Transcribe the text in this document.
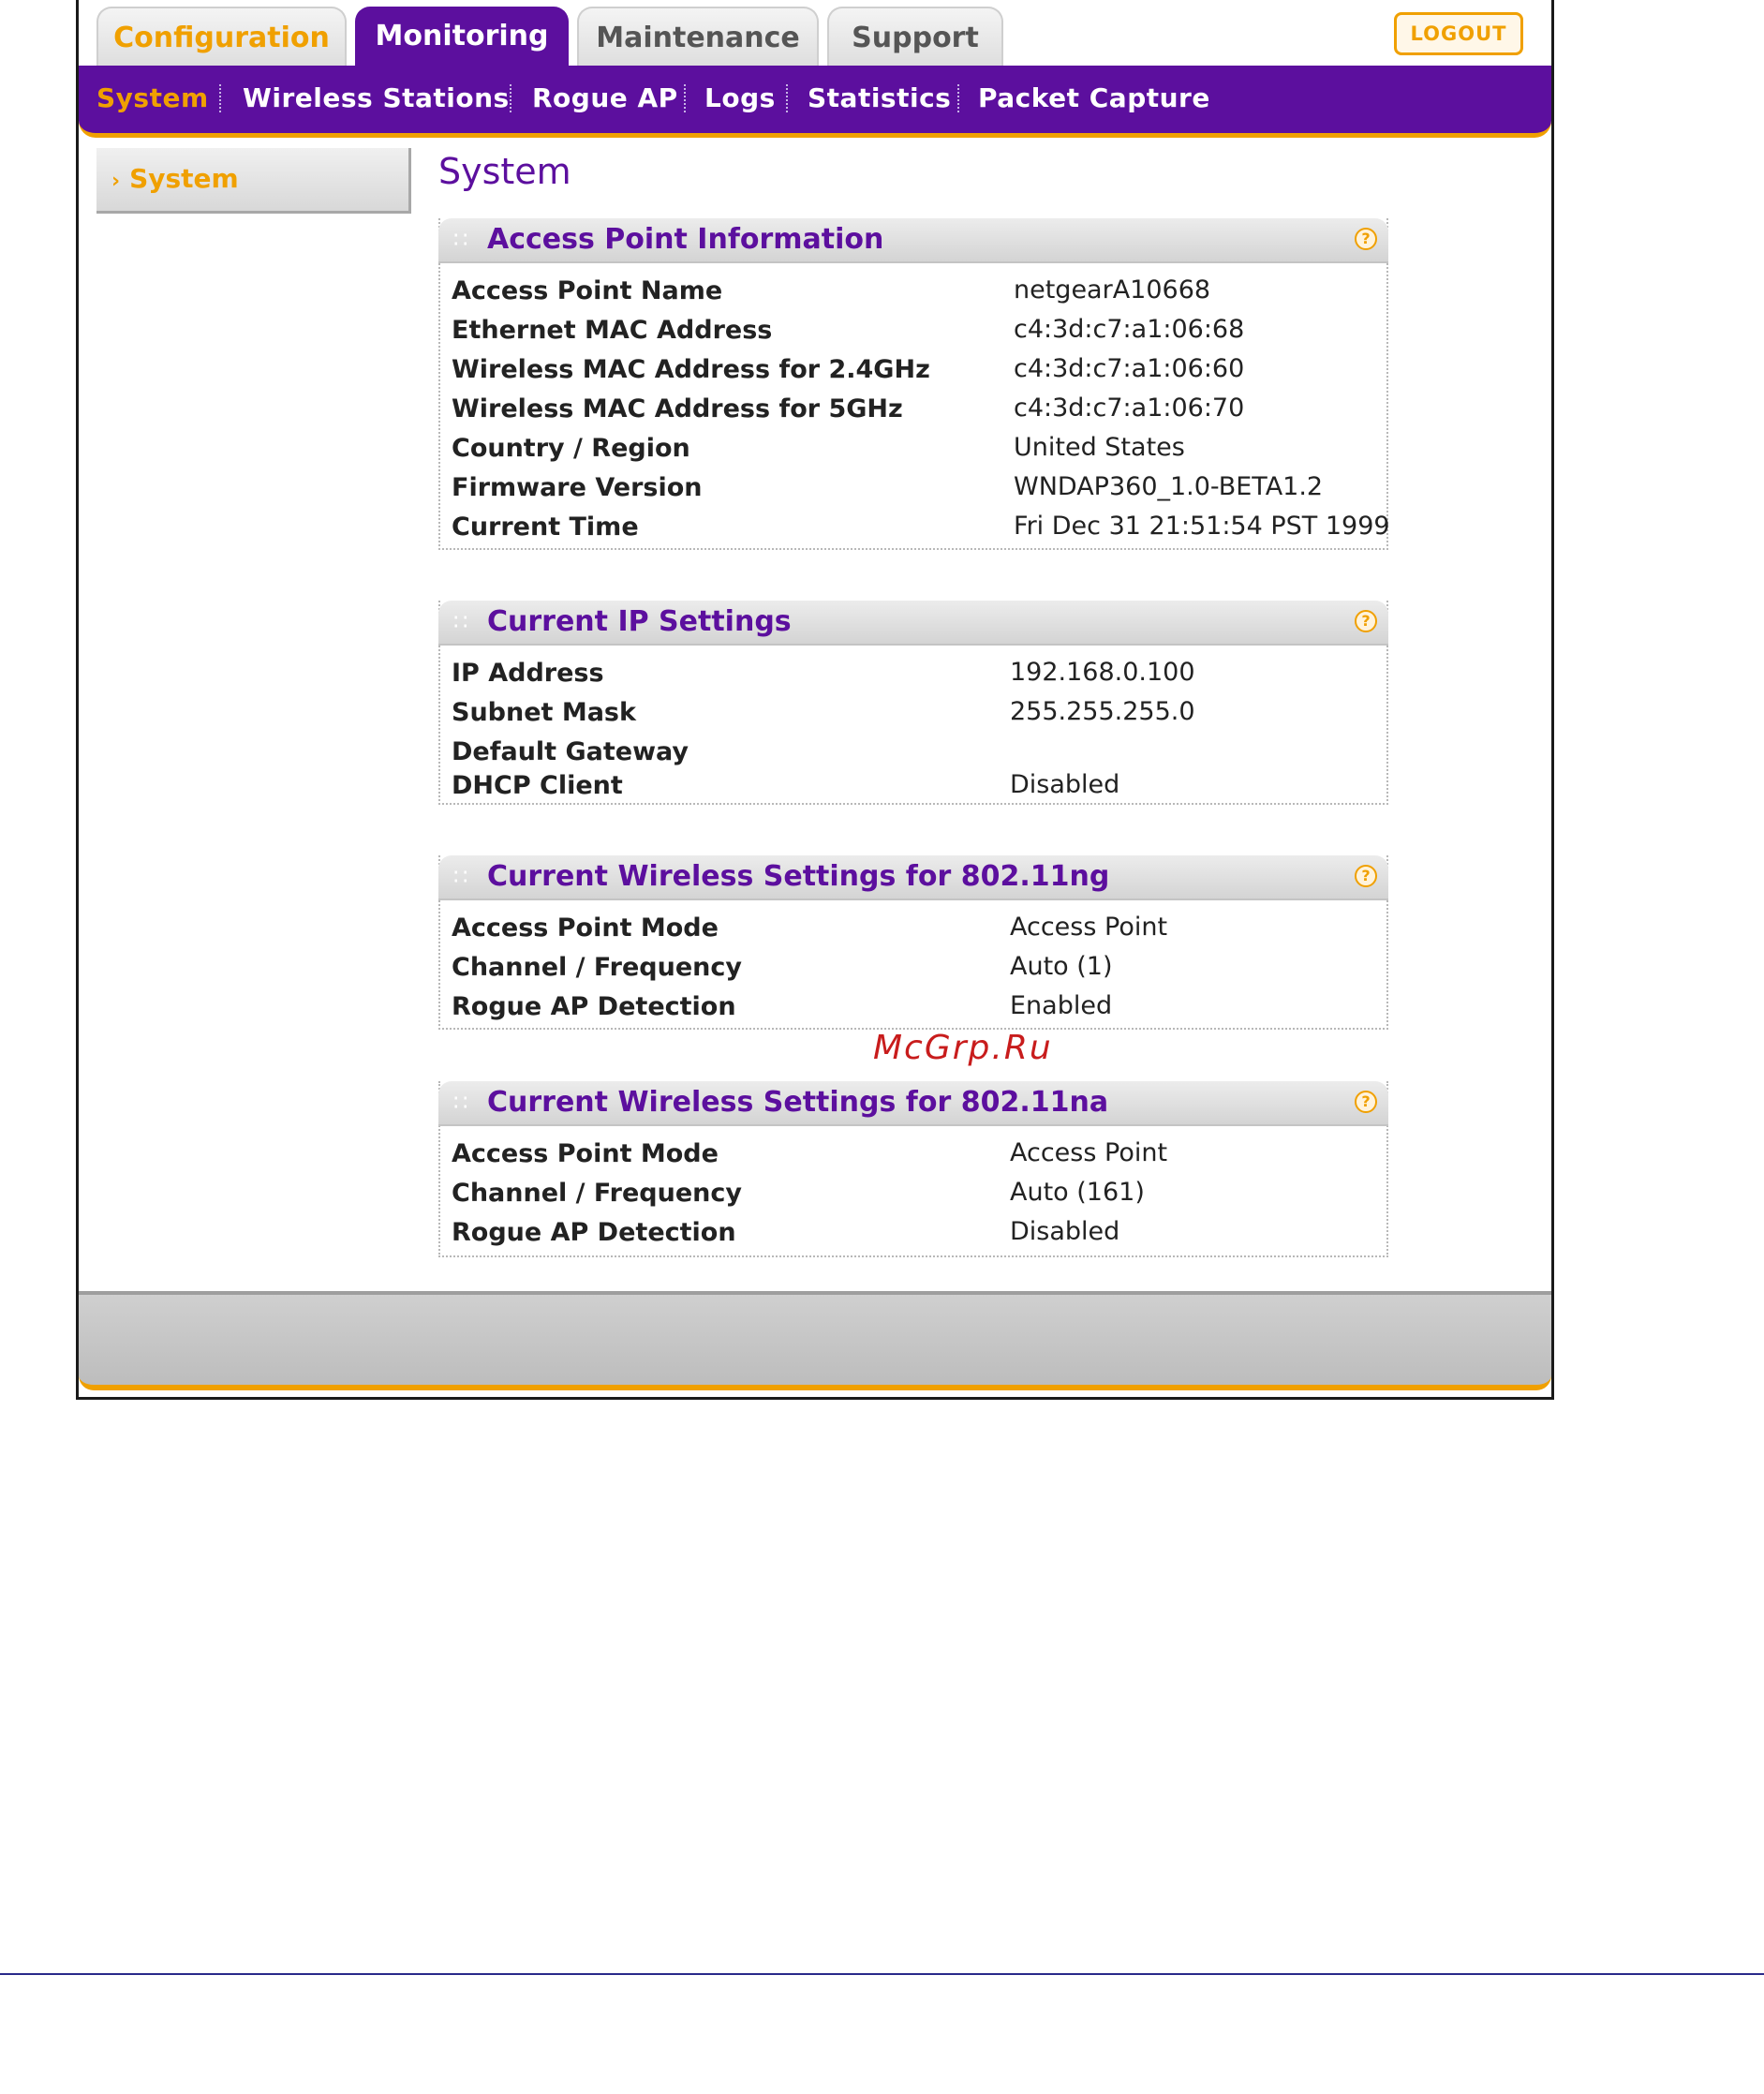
Configuration	Monitoring	Maintenance	Support	LOGOUT
System Wireless Stations Rogue AP Logs Statistics Packet Capture
› System	System
∷ Access Point Information	?
Access Point Name	netgearA10668
Ethernet MAC Address	c4:3d:c7:a1:06:68
Wireless MAC Address for 2.4GHz	c4:3d:c7:a1:06:60
Wireless MAC Address for 5GHz	c4:3d:c7:a1:06:70
Country / Region	United States
Firmware Version	WNDAP360_1.0-BETA1.2
Current Time	Fri Dec 31 21:51:54 PST 1999
∷ Current IP Settings	?
IP Address	192.168.0.100
Subnet Mask	255.255.255.0
Default Gateway
DHCP Client	Disabled
∷ Current Wireless Settings for 802.11ng	?
Access Point Mode	Access Point
Channel / Frequency	Auto (1)
Rogue AP Detection	Enabled
McGrp.Ru
∷ Current Wireless Settings for 802.11na	?
Access Point Mode	Access Point
Channel / Frequency	Auto (161)
Rogue AP Detection	Disabled
